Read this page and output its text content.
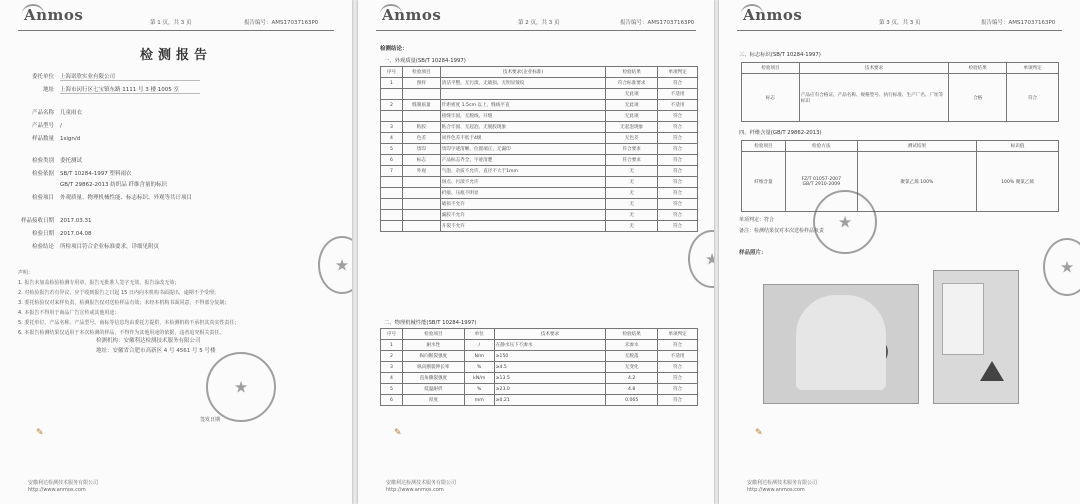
Anmos	第 1 页，共 3 页	报告编号：AMS17037163P0
检测报告
委托单位 上海诺欣实业有限公司
地址 上海市闵行区七宝镇东路 1111 号 3 楼 1005 室
产品名称 儿童雨衣
产品型号 /
样品数量 1sign/d
检验类别 委托测试
检验依据 SB/T 10284-1997 塑料雨衣
GB/T 29862-2013 纺织品 纤维含量的标识
检验项目 外观质量、物理机械性能、标志标识、外观等共计项目
样品接收日期 2017.03.31
检验日期 2017.04.08
检验结论 所检项目符合企业标准要求，详细见附页
声明：
1. 报告未加盖检验检测专用章，报告无批准人签字无效，报告涂改无效；
2. 对检验报告若有异议，应于收到报告之日起 15 日内向本机构书面提出，逾期不予受理；
3. 委托检验仅对来样负责，检测报告仅对送检样品有效；未经本机构书面同意，不得部分复制；
4. 本报告不得用于商品广告宣传或其他用途；
5. 委托单位、产品名称、产品型号、商标等信息均由委托方提供，本检测机构不承担其真实性责任；
6. 本报告检测结果仅适用于本次检测的样品，不得作为其他用途的依据，违者追究相关责任。
检测机构：安徽利达检测技术服务有限公司
地址：安徽省合肥市高新区 4 号 4561 号 5 号楼
★
★
签发日期
✎
安徽利达检测技术服务有限公司
http://www.anmos.com
Anmos	第 2 页，共 3 页	报告编号：AMS17037163P0
检测结论：
一、外观质量(SB/T 10284-1997)
序号	检验项目	技术要求(企业标准)	检验结果	单项判定
1	图样	清洁平整，无污渍，无破损、无明显皱纹	符合标准要求	符合
			无此项	不适用
2	缝制质量	针距密度 1.5cm 以上，缝线平直	无此项	不适用
		接缝牢固，无脱线、开缝	无此项	符合
3	粘胶	粘合牢固、无起泡、无脱胶现象	无起泡现象	符合
4	色差	同件色差不低于4级	无色差	符合
5	烫印	烫印字迹清晰、位置端正，无漏印	符合要求	符合
6	标志	产品标志齐全、字迹清楚	符合要求	符合
7	外观	气泡、杂质不允许，直径不大于1mm	无	符合
		斑点、污渍不允许	无	符合
		折痕、压痕不明显	无	符合
		破损不允许	无	符合
		漏胶不允许	无	符合
		开裂不允许	无	符合
二、物理机械性能(SB/T 10284-1997)
序号	检验项目	单位	技术要求	检验结果	单项判定
1	耐水性	/	在静水压下不渗水	未渗水	符合
2	纵向断裂强度	N/m	≥150	无脱落	不适用
3	纵向断裂伸长率	%	≥4.5	无变化	符合
4	直角撕裂强度	kN/m	≥13.5	4.2	符合
5	低温耐折	%	≥23.0	4.8	符合
6	厚度	mm	≥0.21	0.065	符合
★
✎
安徽利达检测技术服务有限公司
http://www.anmos.com
Anmos	第 3 页，共 3 页	报告编号：AMS17037163P0
三、标志标识(SB/T 10284-1997)
检验项目	技术要求	检验结果	单项判定
标志	产品应有合格证、产品名称、规格型号、执行标准、生产厂名、厂址等标识	合格	符合
四、纤维含量(GB/T 29862-2013)
检验项目	检验方法	测试结果	标识值
纤维含量	FZ/T 01057-2007
GB/T 2910-2009	聚氯乙烯 100%	100% 聚氯乙烯
单项判定：符合
备注：检测结果仅对本次送检样品负责
★
★
样品照片：
✎
安徽利达检测技术服务有限公司
http://www.anmos.com
